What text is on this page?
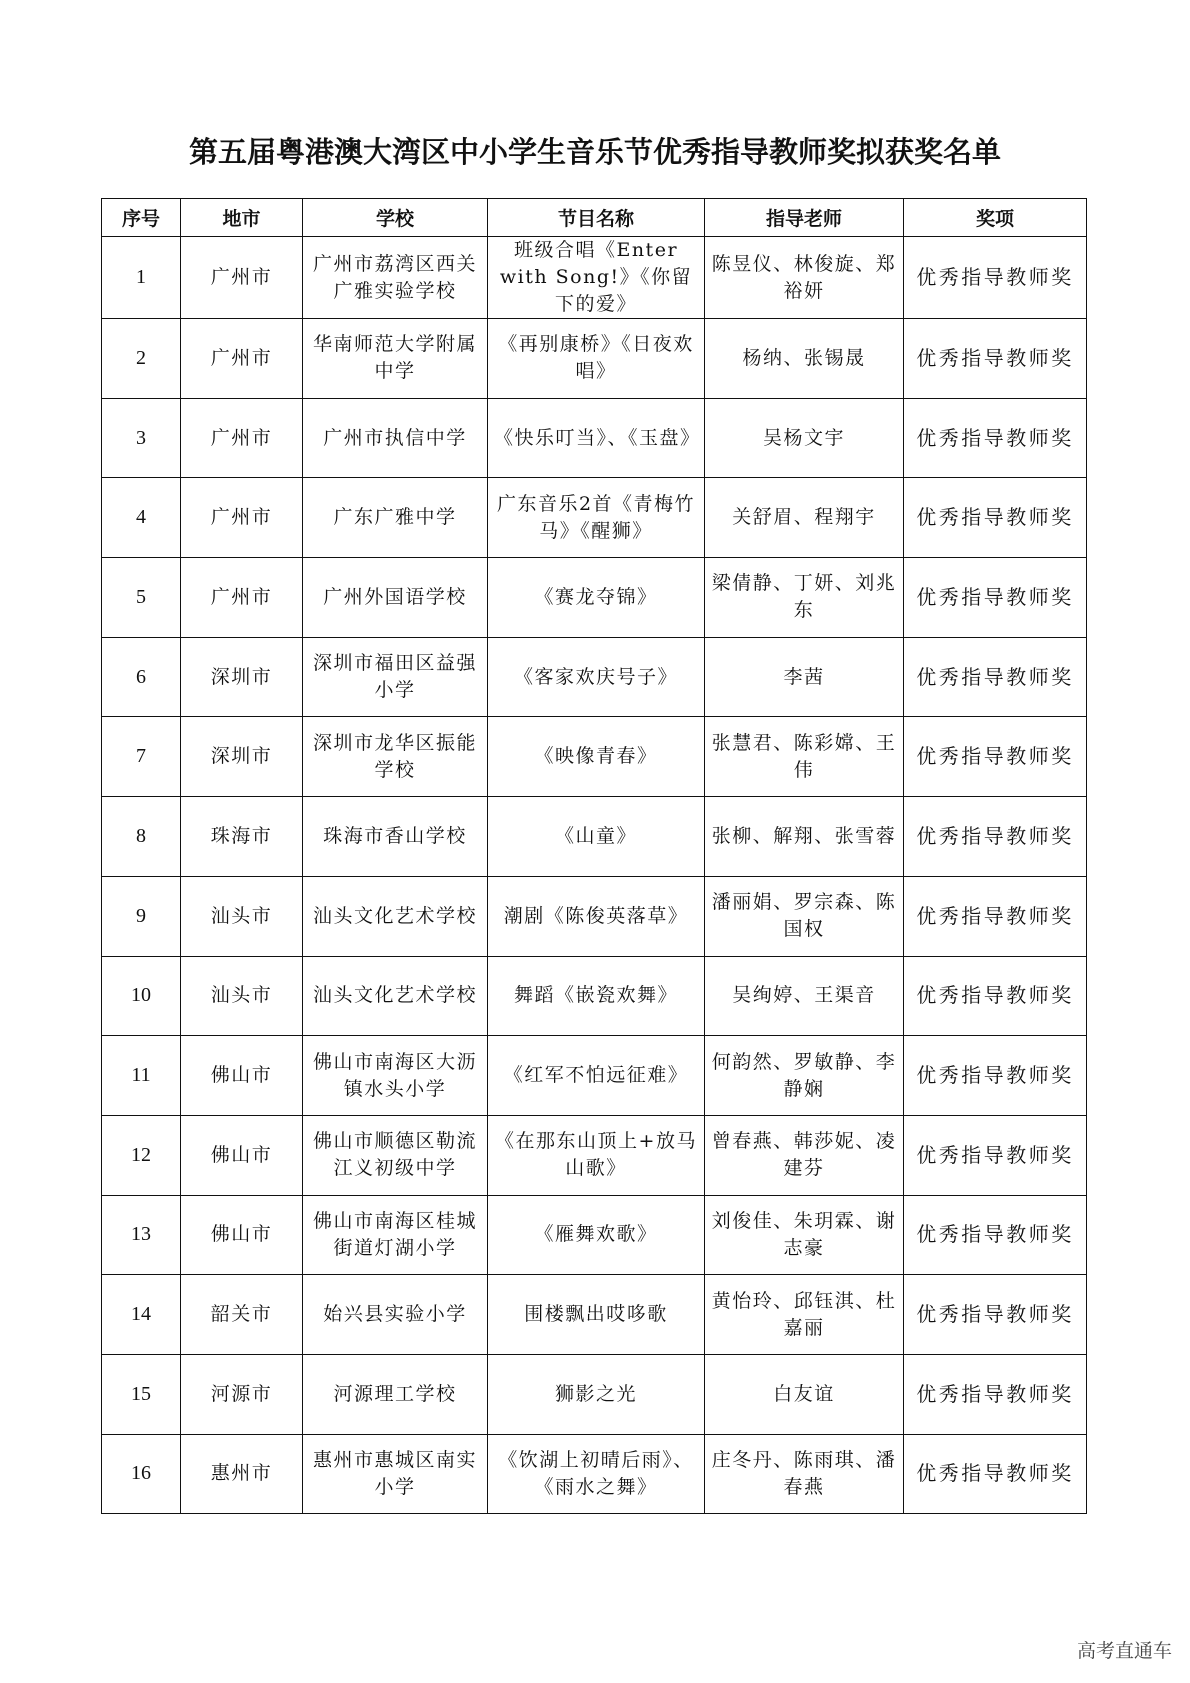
第五届粤港澳大湾区中小学生音乐节优秀指导教师奖拟获奖名单
序号	地市	学校	节目名称	指导老师	奖项
1	广州市	广州市荔湾区西关广雅实验学校	班级合唱《Enter with Song!》《你留下的爱》	陈昱仪、林俊旋、郑裕妍	优秀指导教师奖
2	广州市	华南师范大学附属中学	《再别康桥》《日夜欢唱》	杨纳、张锡晟	优秀指导教师奖
3	广州市	广州市执信中学	《快乐叮当》、《玉盘》	吴杨文宇	优秀指导教师奖
4	广州市	广东广雅中学	广东音乐2首《青梅竹马》《醒狮》	关舒眉、程翔宇	优秀指导教师奖
5	广州市	广州外国语学校	《赛龙夺锦》	梁倩静、丁妍、刘兆东	优秀指导教师奖
6	深圳市	深圳市福田区益强小学	《客家欢庆号子》	李茜	优秀指导教师奖
7	深圳市	深圳市龙华区振能学校	《映像青春》	张慧君、陈彩嫦、王伟	优秀指导教师奖
8	珠海市	珠海市香山学校	《山童》	张柳、解翔、张雪蓉	优秀指导教师奖
9	汕头市	汕头文化艺术学校	潮剧《陈俊英落草》	潘丽娟、罗宗森、陈国权	优秀指导教师奖
10	汕头市	汕头文化艺术学校	舞蹈《嵌瓷欢舞》	吴绚婷、王渠音	优秀指导教师奖
11	佛山市	佛山市南海区大沥镇水头小学	《红军不怕远征难》	何韵然、罗敏静、李静娴	优秀指导教师奖
12	佛山市	佛山市顺德区勒流江义初级中学	《在那东山顶上+放马山歌》	曾春燕、韩莎妮、凌建芬	优秀指导教师奖
13	佛山市	佛山市南海区桂城街道灯湖小学	《雁舞欢歌》	刘俊佳、朱玥霖、谢志豪	优秀指导教师奖
14	韶关市	始兴县实验小学	围楼飘出哎哆歌	黄怡玲、邱钰淇、杜嘉丽	优秀指导教师奖
15	河源市	河源理工学校	狮影之光	白友谊	优秀指导教师奖
16	惠州市	惠州市惠城区南实小学	《饮湖上初晴后雨》、《雨水之舞》	庄冬丹、陈雨琪、潘春燕	优秀指导教师奖
高考直通车
